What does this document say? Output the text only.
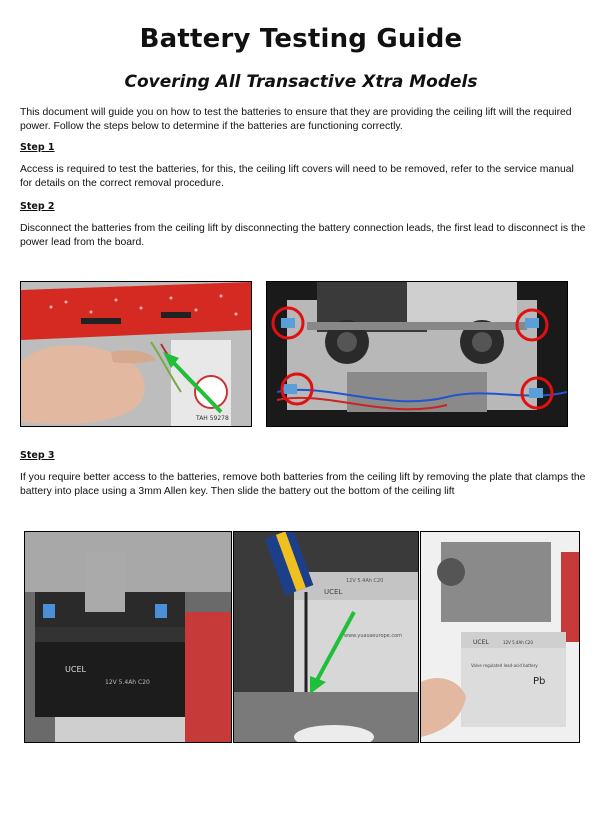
Battery Testing Guide
Covering All Transactive Xtra Models
This document will guide you on how to test the batteries to ensure that they are providing the ceiling lift will the required power. Follow the steps below to determine if the batteries are functioning correctly.
Step 1
Access is required to test the batteries, for this, the ceiling lift covers will need to be removed, refer to the service manual for details on the correct removal procedure.
Step 2
Disconnect the batteries from the ceiling lift by disconnecting the battery connection leads, the first lead to disconnect is the power lead from the board.
TAH 59278
Step 3
If you require better access to the batteries, remove both batteries from the ceiling lift by removing the plate that clamps the battery into place using a 3mm Allen key. Then slide the battery out the bottom of the ceiling lift
UCEL
12V 5.4Ah C20
UCEL
12V 5.4Ah C20
www.yuasaeurope.com
UCEL	12V 5.4Ah C20
Valve regulated lead-acid battery
Pb
